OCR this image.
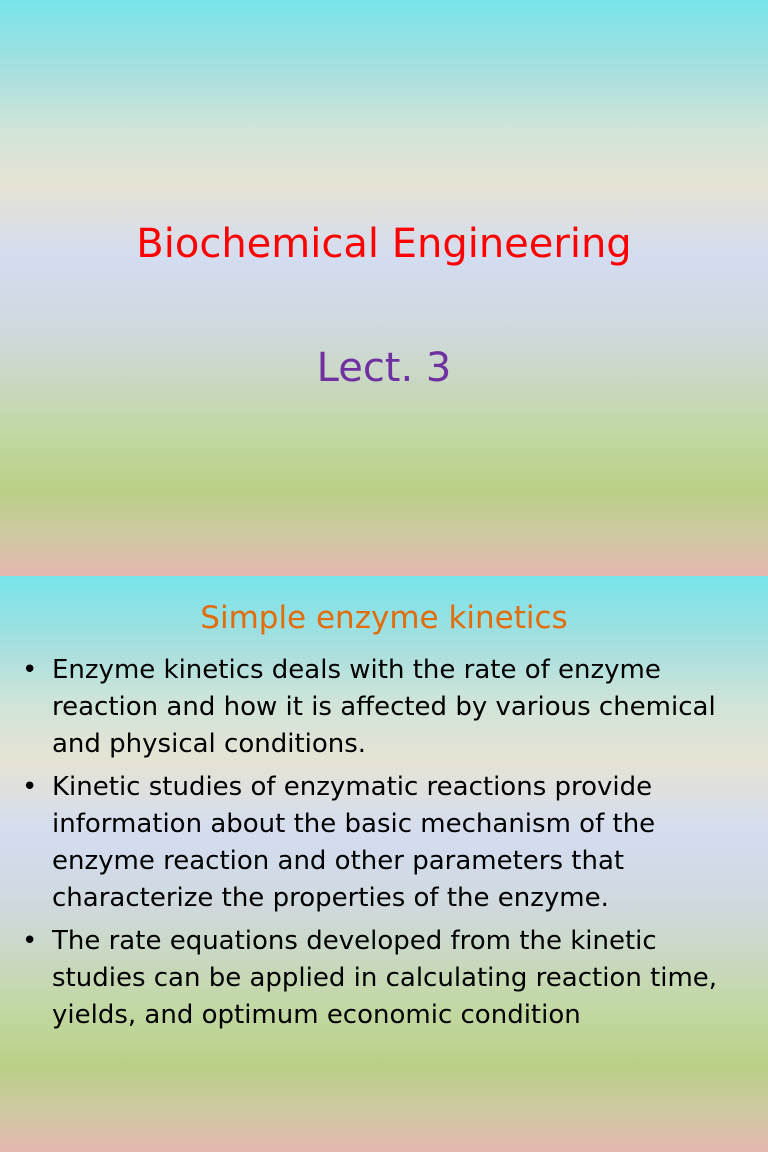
Biochemical Engineering
Lect. 3
Simple enzyme kinetics
• Enzyme kinetics deals with the rate of enzyme reaction and how it is affected by various chemical and physical conditions.
• Kinetic studies of enzymatic reactions provide information about the basic mechanism of the enzyme reaction and other parameters that characterize the properties of the enzyme.
• The rate equations developed from the kinetic studies can be applied in calculating reaction time, yields, and optimum economic condition
